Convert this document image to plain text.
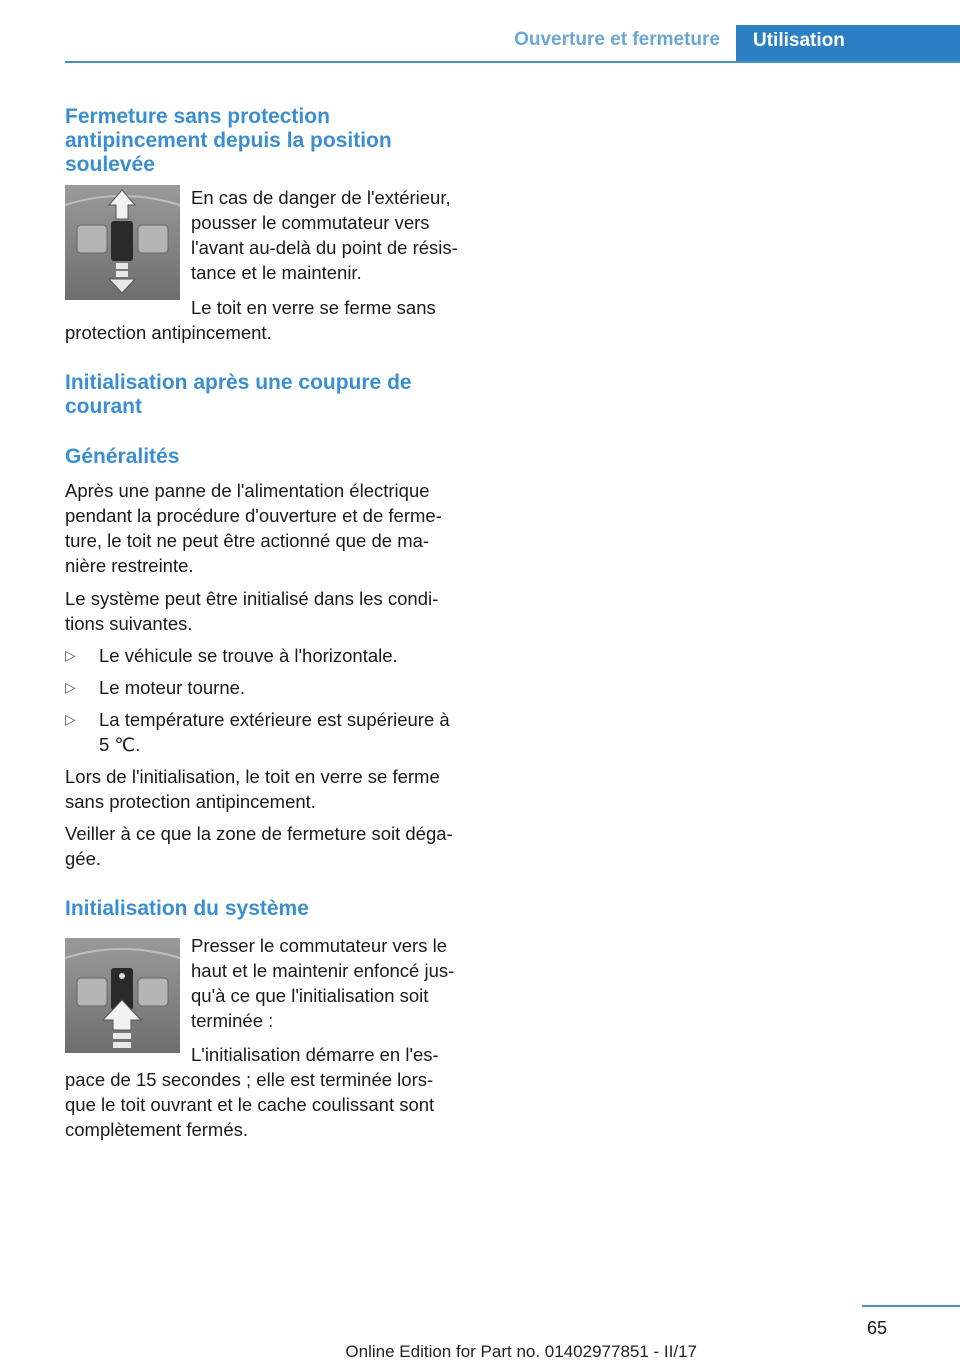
Ouverture et fermeture Utilisation
Fermeture sans protection
antipincement depuis la position
soulevée

En cas de danger de l'extérieur,
pousser le commutateur vers
l'avant au-delà du point de résis-
tance et le maintenir.

Le toit en verre se ferme sans

protection antipincement.

Initialisation après une coupure de
courant
Généralités

Après une panne de l'alimentation électrique
pendant la procédure d'ouverture et de ferme-
ture, le toit ne peut être actionné que de ma-
nière restreinte.

Le système peut être initialisé dans les condi-
tions suivantes.

▷ Le véhicule se trouve à l'horizontale.
▷ Le moteur tourne.
▷ La température extérieure est supérieure à
5 ℃.

Lors de l'initialisation, le toit en verre se ferme
sans protection antipincement.

Veiller à ce que la zone de fermeture soit déga-
gée.

Initialisation du système

Presser le commutateur vers le
haut et le maintenir enfoncé jus-
qu'à ce que l'initialisation soit
terminée :

L'initialisation démarre en l'es-

pace de 15 secondes ; elle est terminée lors-
que le toit ouvrant et le cache coulissant sont
complètement fermés.

65
Online Edition for Part no. 01402977851 - II/17
